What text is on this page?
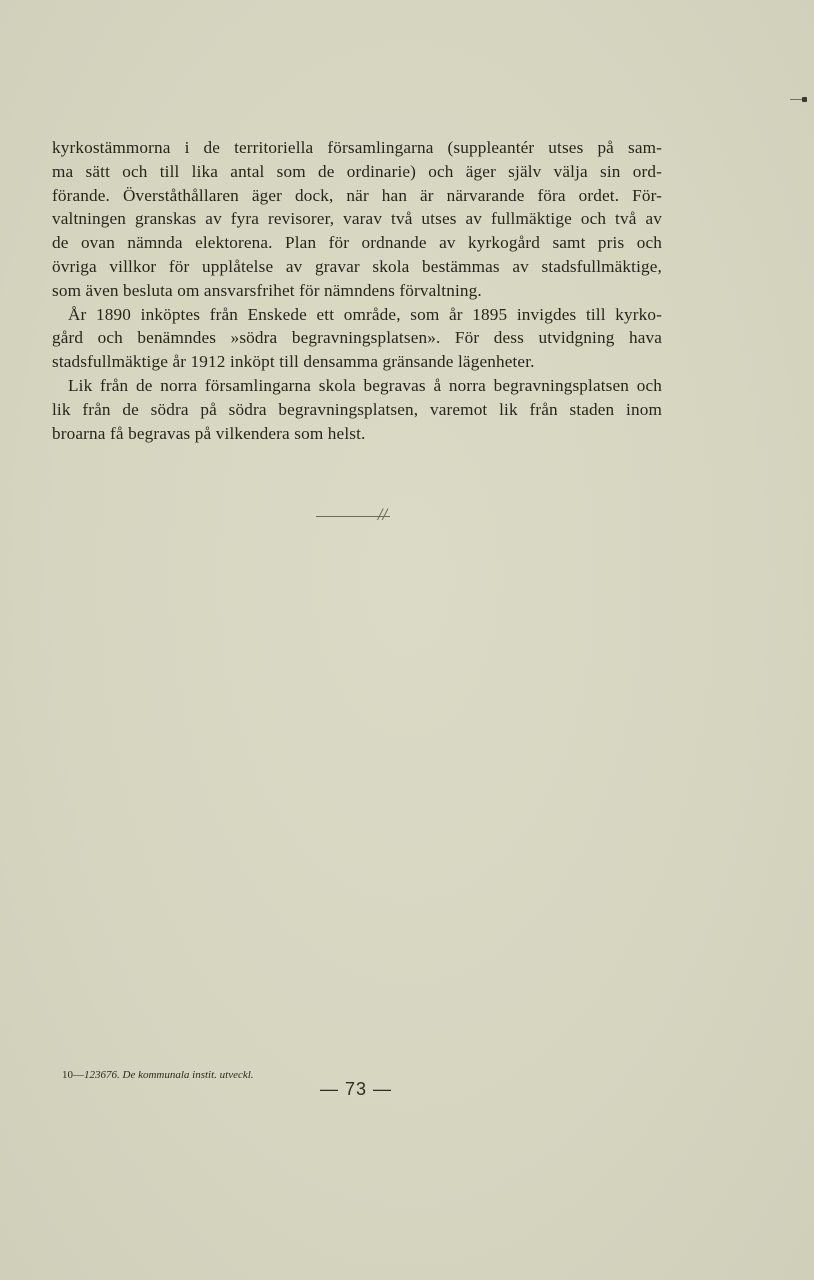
kyrkostämmorna i de territoriella församlingarna (suppleantér utses på sam-
ma sätt och till lika antal som de ordinarie) och äger själv välja sin ord-
förande. Överståthållaren äger dock, när han är närvarande föra ordet. För-
valtningen granskas av fyra revisorer, varav två utses av fullmäktige och två av
de ovan nämnda elektorena. Plan för ordnande av kyrkogård samt pris och
övriga villkor för upplåtelse av gravar skola bestämmas av stadsfullmäktige,
som även besluta om ansvarsfrihet för nämndens förvaltning.
År 1890 inköptes från Enskede ett område, som år 1895 invigdes till kyrko-
gård och benämndes »södra begravningsplatsen». För dess utvidgning hava
stadsfullmäktige år 1912 inköpt till densamma gränsande lägenheter.
Lik från de norra församlingarna skola begravas å norra begravningsplatsen och
lik från de södra på södra begravningsplatsen, varemot lik från staden inom
broarna få begravas på vilkendera som helst.
//
10—123676. De kommunala instit. utveckl.
— 73 —
